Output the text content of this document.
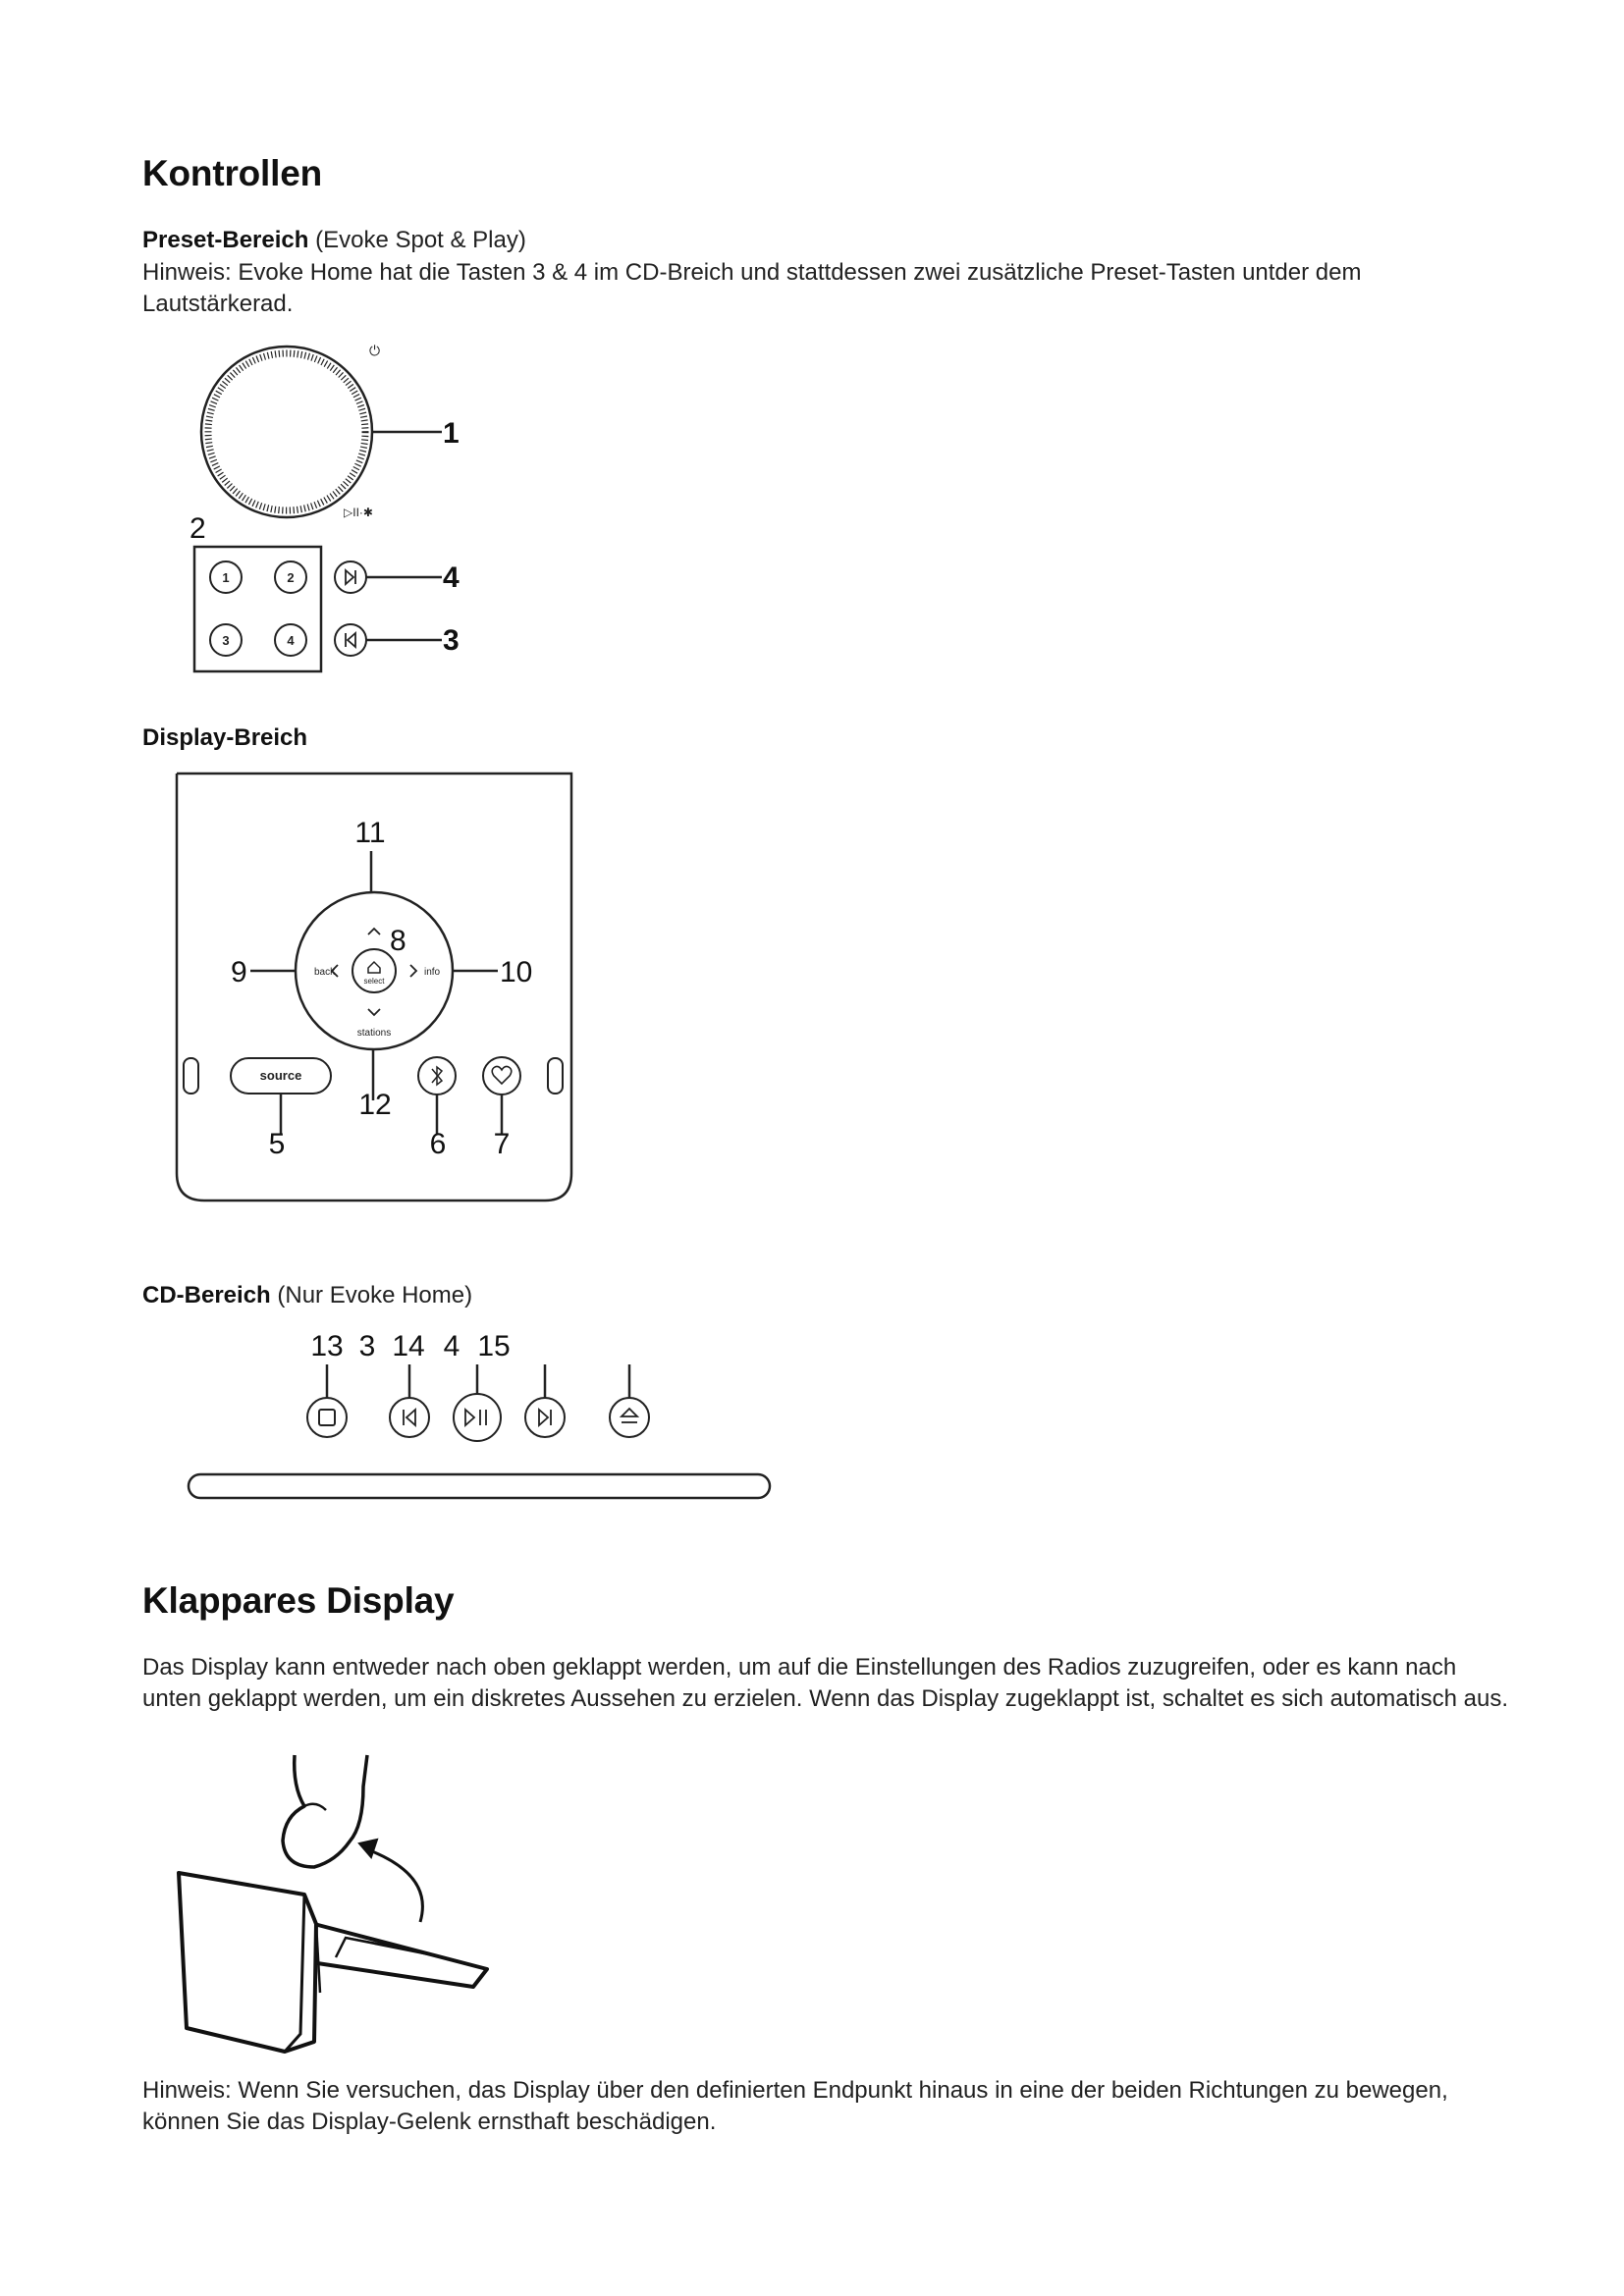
Kontrollen
Preset-Bereich (Evoke Spot & Play)
Hinweis: Evoke Home hat die Tasten 3 & 4 im CD-Breich und stattdessen zwei zusätzliche Preset-Tasten untder dem Lautstärkerad.
⏻
▷II·✱
1
2
1	2
3	4
4
3
Display-Breich
11
back	info
stations
select
8
9	10
12
source
5	6 7
CD-Bereich (Nur Evoke Home)
13 3 14 4 15
Klappares Display
Das Display kann entweder nach oben geklappt werden, um auf die Einstellungen des Radios zuzugreifen, oder es kann nach unten geklappt werden, um ein diskretes Aussehen zu erzielen. Wenn das Display zugeklappt ist, schaltet es sich automatisch aus.
Hinweis: Wenn Sie versuchen, das Display über den definierten Endpunkt hinaus in eine der beiden Richtungen zu bewegen, können Sie das Display-Gelenk ernsthaft beschädigen.
